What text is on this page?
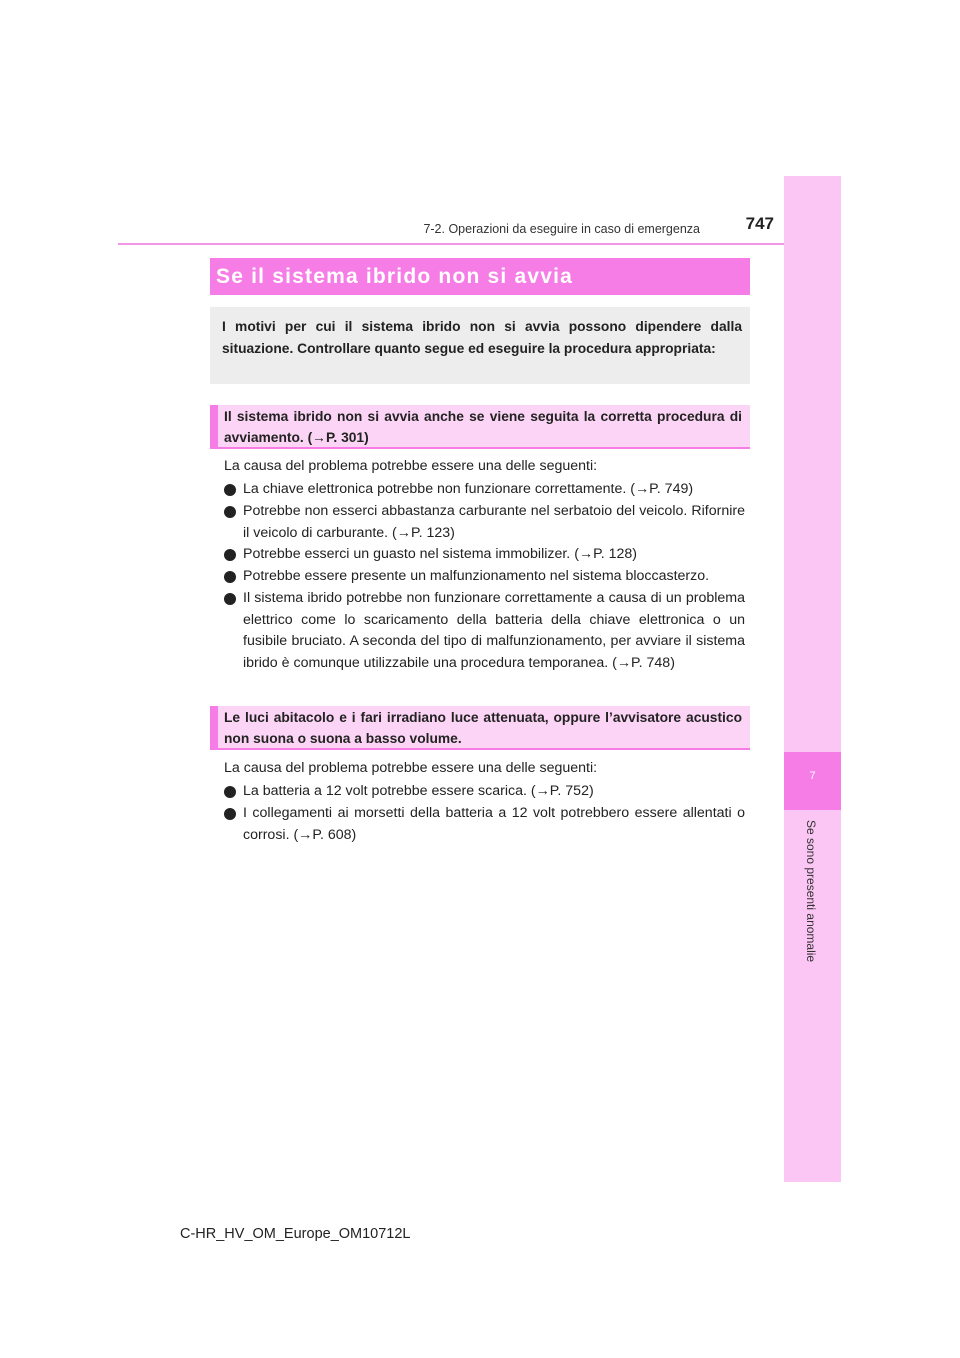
7
Se sono presenti anomalie
7-2. Operazioni da eseguire in caso di emergenza	747
Se il sistema ibrido non si avvia
I motivi per cui il sistema ibrido non si avvia possono dipendere dalla situazione. Controllare quanto segue ed eseguire la procedura appropriata:
Il sistema ibrido non si avvia anche se viene seguita la corretta procedura di avviamento. (→P. 301)
La causa del problema potrebbe essere una delle seguenti:
La chiave elettronica potrebbe non funzionare correttamente. (→P. 749)
Potrebbe non esserci abbastanza carburante nel serbatoio del veicolo. Rifornire il veicolo di carburante. (→P. 123)
Potrebbe esserci un guasto nel sistema immobilizer. (→P. 128)
Potrebbe essere presente un malfunzionamento nel sistema bloccasterzo.
Il sistema ibrido potrebbe non funzionare correttamente a causa di un problema elettrico come lo scaricamento della batteria della chiave elettronica o un fusibile bruciato. A seconda del tipo di malfunzionamento, per avviare il sistema ibrido è comunque utilizzabile una procedura temporanea. (→P. 748)
Le luci abitacolo e i fari irradiano luce attenuata, oppure l’avvisatore acustico non suona o suona a basso volume.
La causa del problema potrebbe essere una delle seguenti:
La batteria a 12 volt potrebbe essere scarica. (→P. 752)
I collegamenti ai morsetti della batteria a 12 volt potrebbero essere allentati o corrosi. (→P. 608)
C-HR_HV_OM_Europe_OM10712L
